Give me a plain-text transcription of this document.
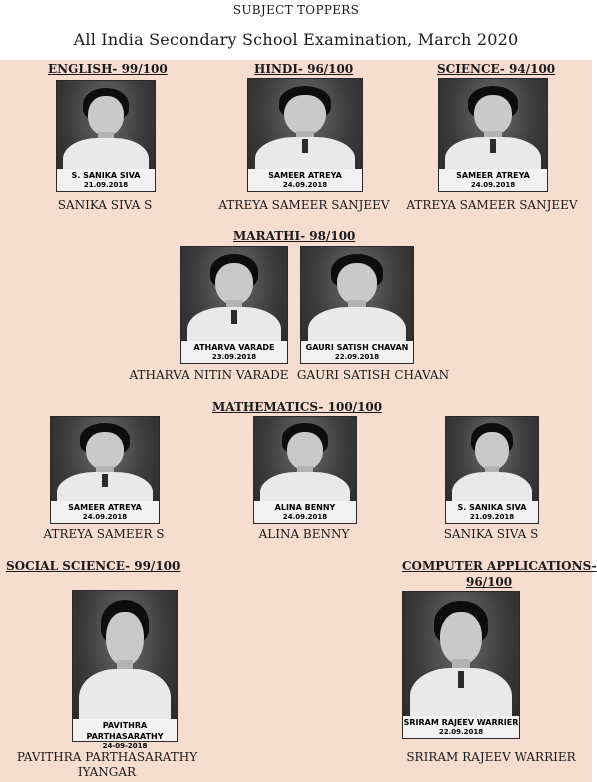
SUBJECT TOPPERS
All India Secondary School Examination, March 2020
ENGLISH- 99/100
S. SANIKA SIVA
21.09.2018
SANIKA SIVA S
HINDI- 96/100
SAMEER ATREYA
24.09.2018
ATREYA SAMEER SANJEEV
SCIENCE- 94/100
SAMEER ATREYA
24.09.2018
ATREYA SAMEER SANJEEV
MARATHI- 98/100
ATHARVA VARADE
23.09.2018
GAURI SATISH CHAVAN
22.09.2018
ATHARVA NITIN VARADE GAURI SATISH CHAVAN
MATHEMATICS- 100/100
SAMEER ATREYA
24.09.2018
ALINA BENNY
24.09.2018
S. SANIKA SIVA
21.09.2018
ATREYA SAMEER S	ALINA BENNY	SANIKA SIVA S
SOCIAL SCIENCE- 99/100
PAVITHRA PARTHASARATHY
24-09-2018
PAVITHRA PARTHASARATHY
IYANGAR
COMPUTER APPLICATIONS-
96/100
SRIRAM RAJEEV WARRIER
22.09.2018
SRIRAM RAJEEV WARRIER
